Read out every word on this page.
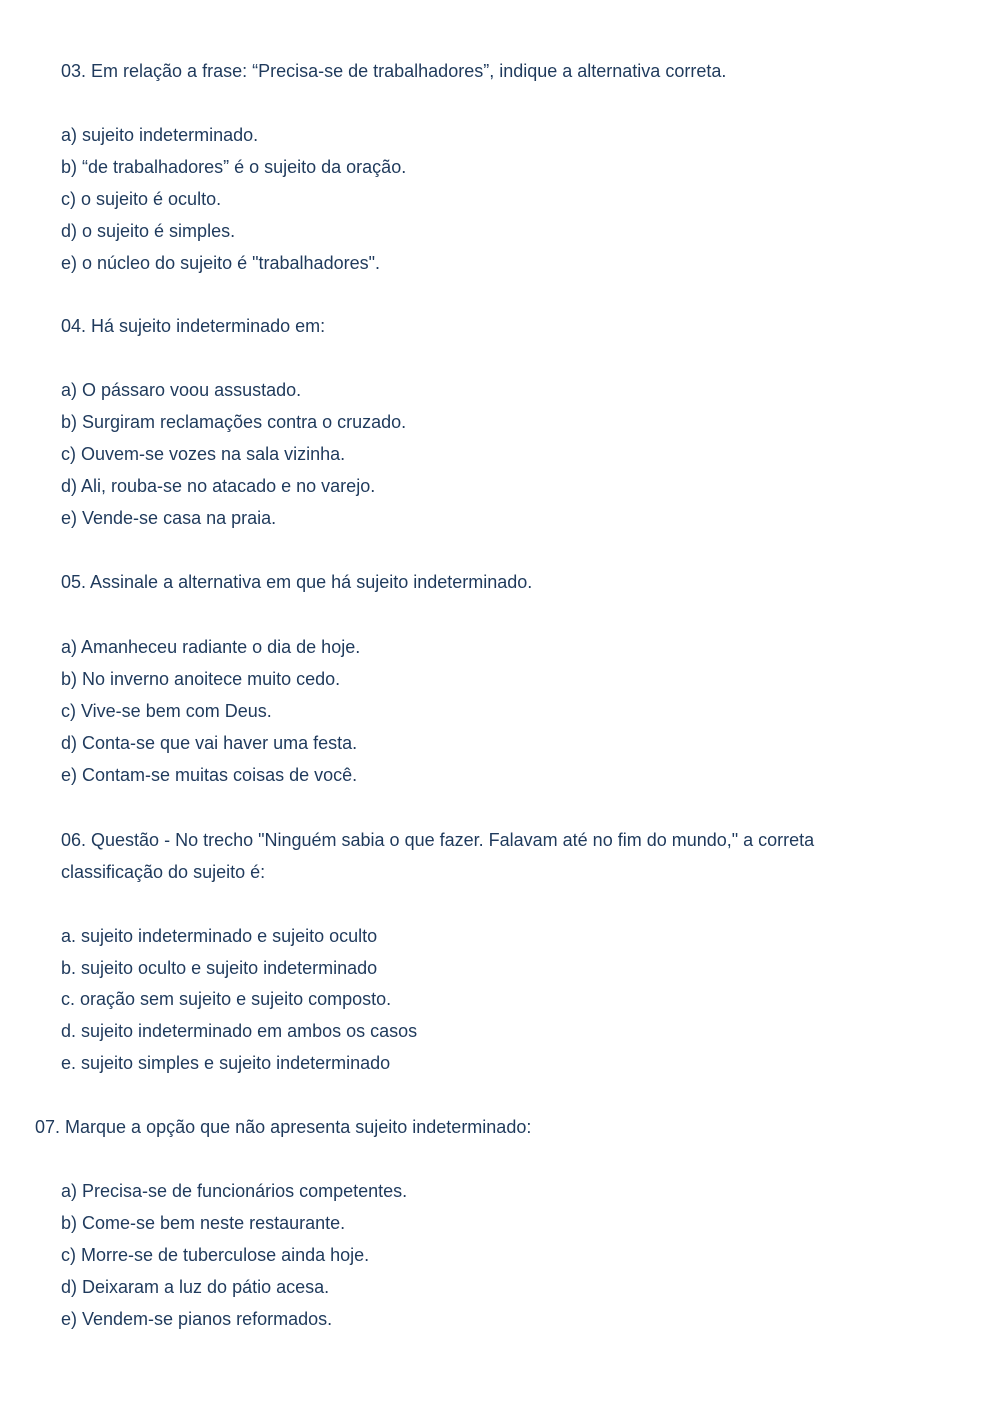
03. Em relação a frase: “Precisa-se de trabalhadores”, indique a alternativa correta.
a) sujeito indeterminado.
b) “de trabalhadores” é o sujeito da oração.
c) o sujeito é oculto.
d) o sujeito é simples.
e) o núcleo do sujeito é "trabalhadores".
04. Há sujeito indeterminado em:
a) O pássaro voou assustado.
b) Surgiram reclamações contra o cruzado.
c) Ouvem-se vozes na sala vizinha.
d) Ali, rouba-se no atacado e no varejo.
e) Vende-se casa na praia.
05. Assinale a alternativa em que há sujeito indeterminado.
a) Amanheceu radiante o dia de hoje.
b) No inverno anoitece muito cedo.
c) Vive-se bem com Deus.
d) Conta-se que vai haver uma festa.
e) Contam-se muitas coisas de você.
06. Questão - No trecho "Ninguém sabia o que fazer. Falavam até no fim do mundo," a correta
classificação do sujeito é:
a. sujeito indeterminado e sujeito oculto
b. sujeito oculto e sujeito indeterminado
c. oração sem sujeito e sujeito composto.
d. sujeito indeterminado em ambos os casos
e. sujeito simples e sujeito indeterminado
07. Marque a opção que não apresenta sujeito indeterminado:
a) Precisa-se de funcionários competentes.
b) Come-se bem neste restaurante.
c) Morre-se de tuberculose ainda hoje.
d) Deixaram a luz do pátio acesa.
e) Vendem-se pianos reformados.
